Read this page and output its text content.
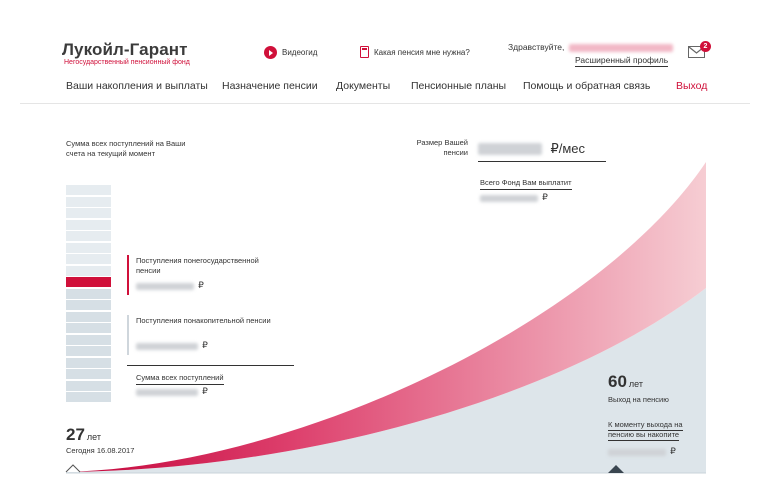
Лукойл-Гарант
Негосударственный пенсионный фонд
Видеогид	Какая пенсия мне нужна?	Здравствуйте,
Расширенный профиль
2
Ваши накопления и выплаты Назначение пенсии Документы Пенсионные планы Помощь и обратная связь Выход
Сумма всех поступлений на Ваши счета на текущий момент
Поступления понегосударственной пенсии
₽
Поступления понакопительной пенсии
₽
Сумма всех поступлений
₽
Размер Вашей пенсии	₽/мес
Всего Фонд Вам выплатит
₽
27 лет
Сегодня 16.08.2017
60 лет
Выход на пенсию
К моменту выхода на пенсию вы накопите
₽
